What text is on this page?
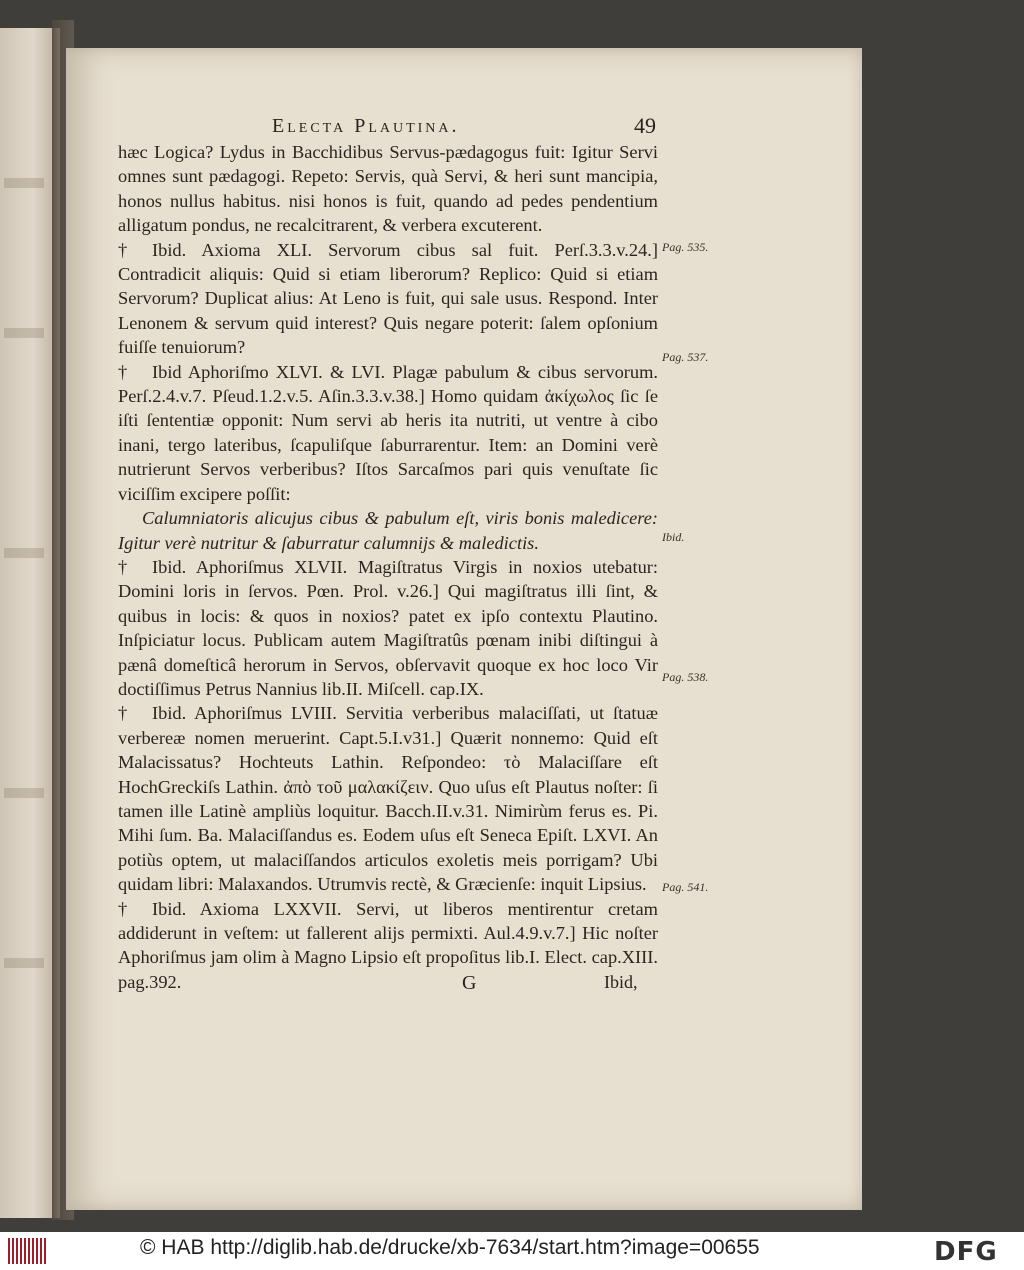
Electa Plautina.	49

hæc Logica? Lydus in Bacchidibus Servus-pædagogus fuit: Igitur Servi omnes sunt pædagogi. Repeto: Servis, quà Servi, & heri sunt mancipia, honos nullus habitus. nisi honos is fuit, quando ad pedes pendentium alligatum pondus, ne recalcitrarent, & verbera excuterent.

† Ibid. Axioma XLI. Servorum cibus sal fuit. Perſ.3.3.v.24.] Contradicit aliquis: Quid si etiam liberorum? Replico: Quid si etiam Servorum? Duplicat alius: At Leno is fuit, qui sale usus. Respond. Inter Lenonem & servum quid interest? Quis negare poterit: ſalem opſonium fuiſſe tenuiorum?

† Ibid Aphoriſmo XLVI. & LVI. Plagæ pabulum & cibus servorum. Perſ.2.4.v.7. Pſeud.1.2.v.5. Aſin.3.3.v.38.] Homo quidam ἀκίχωλος ſic ſe iſti ſententiæ opponit: Num servi ab heris ita nutriti, ut ventre à cibo inani, tergo lateribus, ſcapuliſque ſaburrarentur. Item: an Domini verè nutrierunt Servos verberibus? Iſtos Sarcaſmos pari quis venuſtate ſic viciſſim excipere poſſit:

Calumniatoris alicujus cibus & pabulum eſt, viris bonis maledicere: Igitur verè nutritur & ſaburratur calumnijs & maledictis.

† Ibid. Aphoriſmus XLVII. Magiſtratus Virgis in noxios utebatur: Domini loris in ſervos. Pœn. Prol. v.26.] Qui magiſtratus illi ſint, & quibus in locis: & quos in noxios? patet ex ipſo contextu Plautino. Inſpiciatur locus. Publicam autem Magiſtratûs pœnam inibi diſtingui à pænâ domeſticâ herorum in Servos, obſervavit quoque ex hoc loco Vir doctiſſimus Petrus Nannius lib.II. Miſcell. cap.IX.

† Ibid. Aphoriſmus LVIII. Servitia verberibus malaciſſati, ut ſtatuæ verbereæ nomen meruerint. Capt.5.I.v31.] Quærit nonnemo: Quid eſt Malacissatus? Hochteuts Lathin. Reſpondeo: τὸ Malaciſſare eſt HochGreckiſs Lathin. ἀπὸ τοῦ μαλακίζειν. Quo uſus eſt Plautus noſter: ſi tamen ille Latinè ampliùs loquitur. Bacch.II.v.31. Nimirùm ferus es. Pi. Mihi ſum. Ba. Malaciſſandus es. Eodem uſus eſt Seneca Epiſt. LXVI. An potiùs optem, ut malaciſſandos articulos exoletis meis porrigam? Ubi quidam libri: Malaxandos. Utrumvis rectè, & Græcienſe: inquit Lipsius.

† Ibid. Axioma LXXVII. Servi, ut liberos mentirentur cretam addiderunt in veſtem: ut fallerent alijs permixti. Aul.4.9.v.7.] Hic noſter Aphoriſmus jam olim à Magno Lipsio eſt propoſitus lib.I. Elect. cap.XIII. pag.392.

Pag. 535.
Pag. 537.
Ibid.
Pag. 538.
Pag. 541.
G	Ibid,
© HAB http://diglib.hab.de/drucke/xb-7634/start.htm?image=00655	DFG
